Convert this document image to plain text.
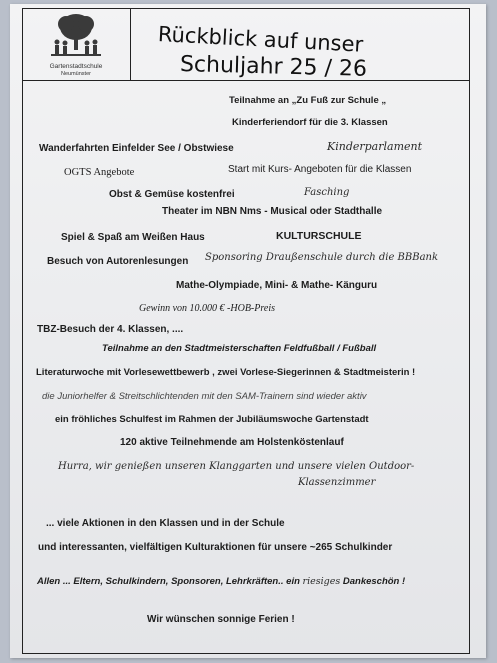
Gartenstadtschule
Neumünster
Rückblick auf unser
Schuljahr 25 / 26
Teilnahme an „Zu Fuß zur Schule „
Kinderferiendorf für die 3. Klassen
Wanderfahrten Einfelder See / Obstwiese	Kinderparlament
OGTS Angebote	Start mit Kurs- Angeboten für die Klassen
Obst & Gemüse kostenfrei	Fasching
Theater im NBN Nms - Musical oder Stadthalle
Spiel & Spaß am Weißen Haus	KULTURSCHULE
Besuch von Autorenlesungen Sponsoring Draußenschule durch die BBBank
Mathe-Olympiade, Mini- & Mathe- Känguru
Gewinn von 10.000 € -HOB-Preis
TBZ-Besuch der 4. Klassen, ....
Teilnahme an den Stadtmeisterschaften Feldfußball / Fußball
Literaturwoche mit Vorlesewettbewerb , zwei Vorlese-Siegerinnen & Stadtmeisterin !
die Juniorhelfer & Streitschlichtenden mit den SAM-Trainern sind wieder aktiv
ein fröhliches Schulfest im Rahmen der Jubiläumswoche Gartenstadt
120 aktive Teilnehmende am Holstenköstenlauf
Hurra, wir genießen unseren Klanggarten und unsere vielen Outdoor-
Klassenzimmer
... viele Aktionen in den Klassen und in der Schule
und interessanten, vielfältigen Kulturaktionen für unsere ~265 Schulkinder
Allen ... Eltern, Schulkindern, Sponsoren, Lehrkräften.. ein riesiges Dankeschön !
Wir wünschen sonnige Ferien !
